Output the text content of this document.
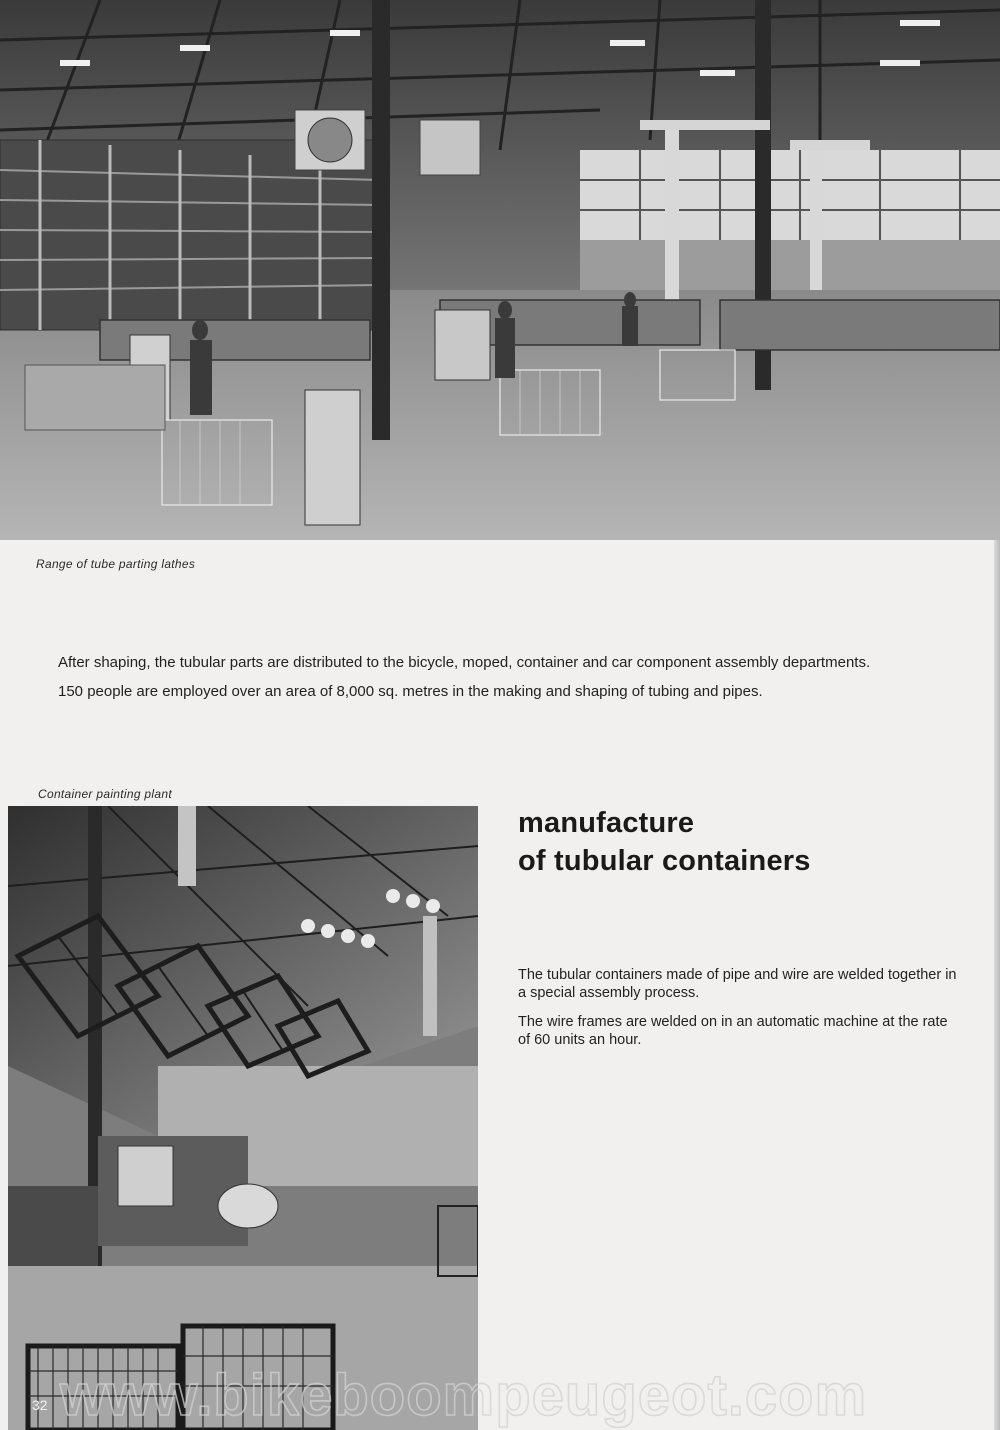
Range of tube parting lathes

After shaping, the tubular parts are distributed to the bicycle, moped, container and car component assembly departments.

150 people are employed over an area of 8,000 sq. metres in the making and shaping of tubing and pipes.

Container painting plant
manufacture
of tubular containers

The tubular containers made of pipe and wire are welded together in a special assembly process.

The wire frames are welded on in an automatic machine at the rate of 60 units an hour.

www.bikeboompeugeot.com
32
